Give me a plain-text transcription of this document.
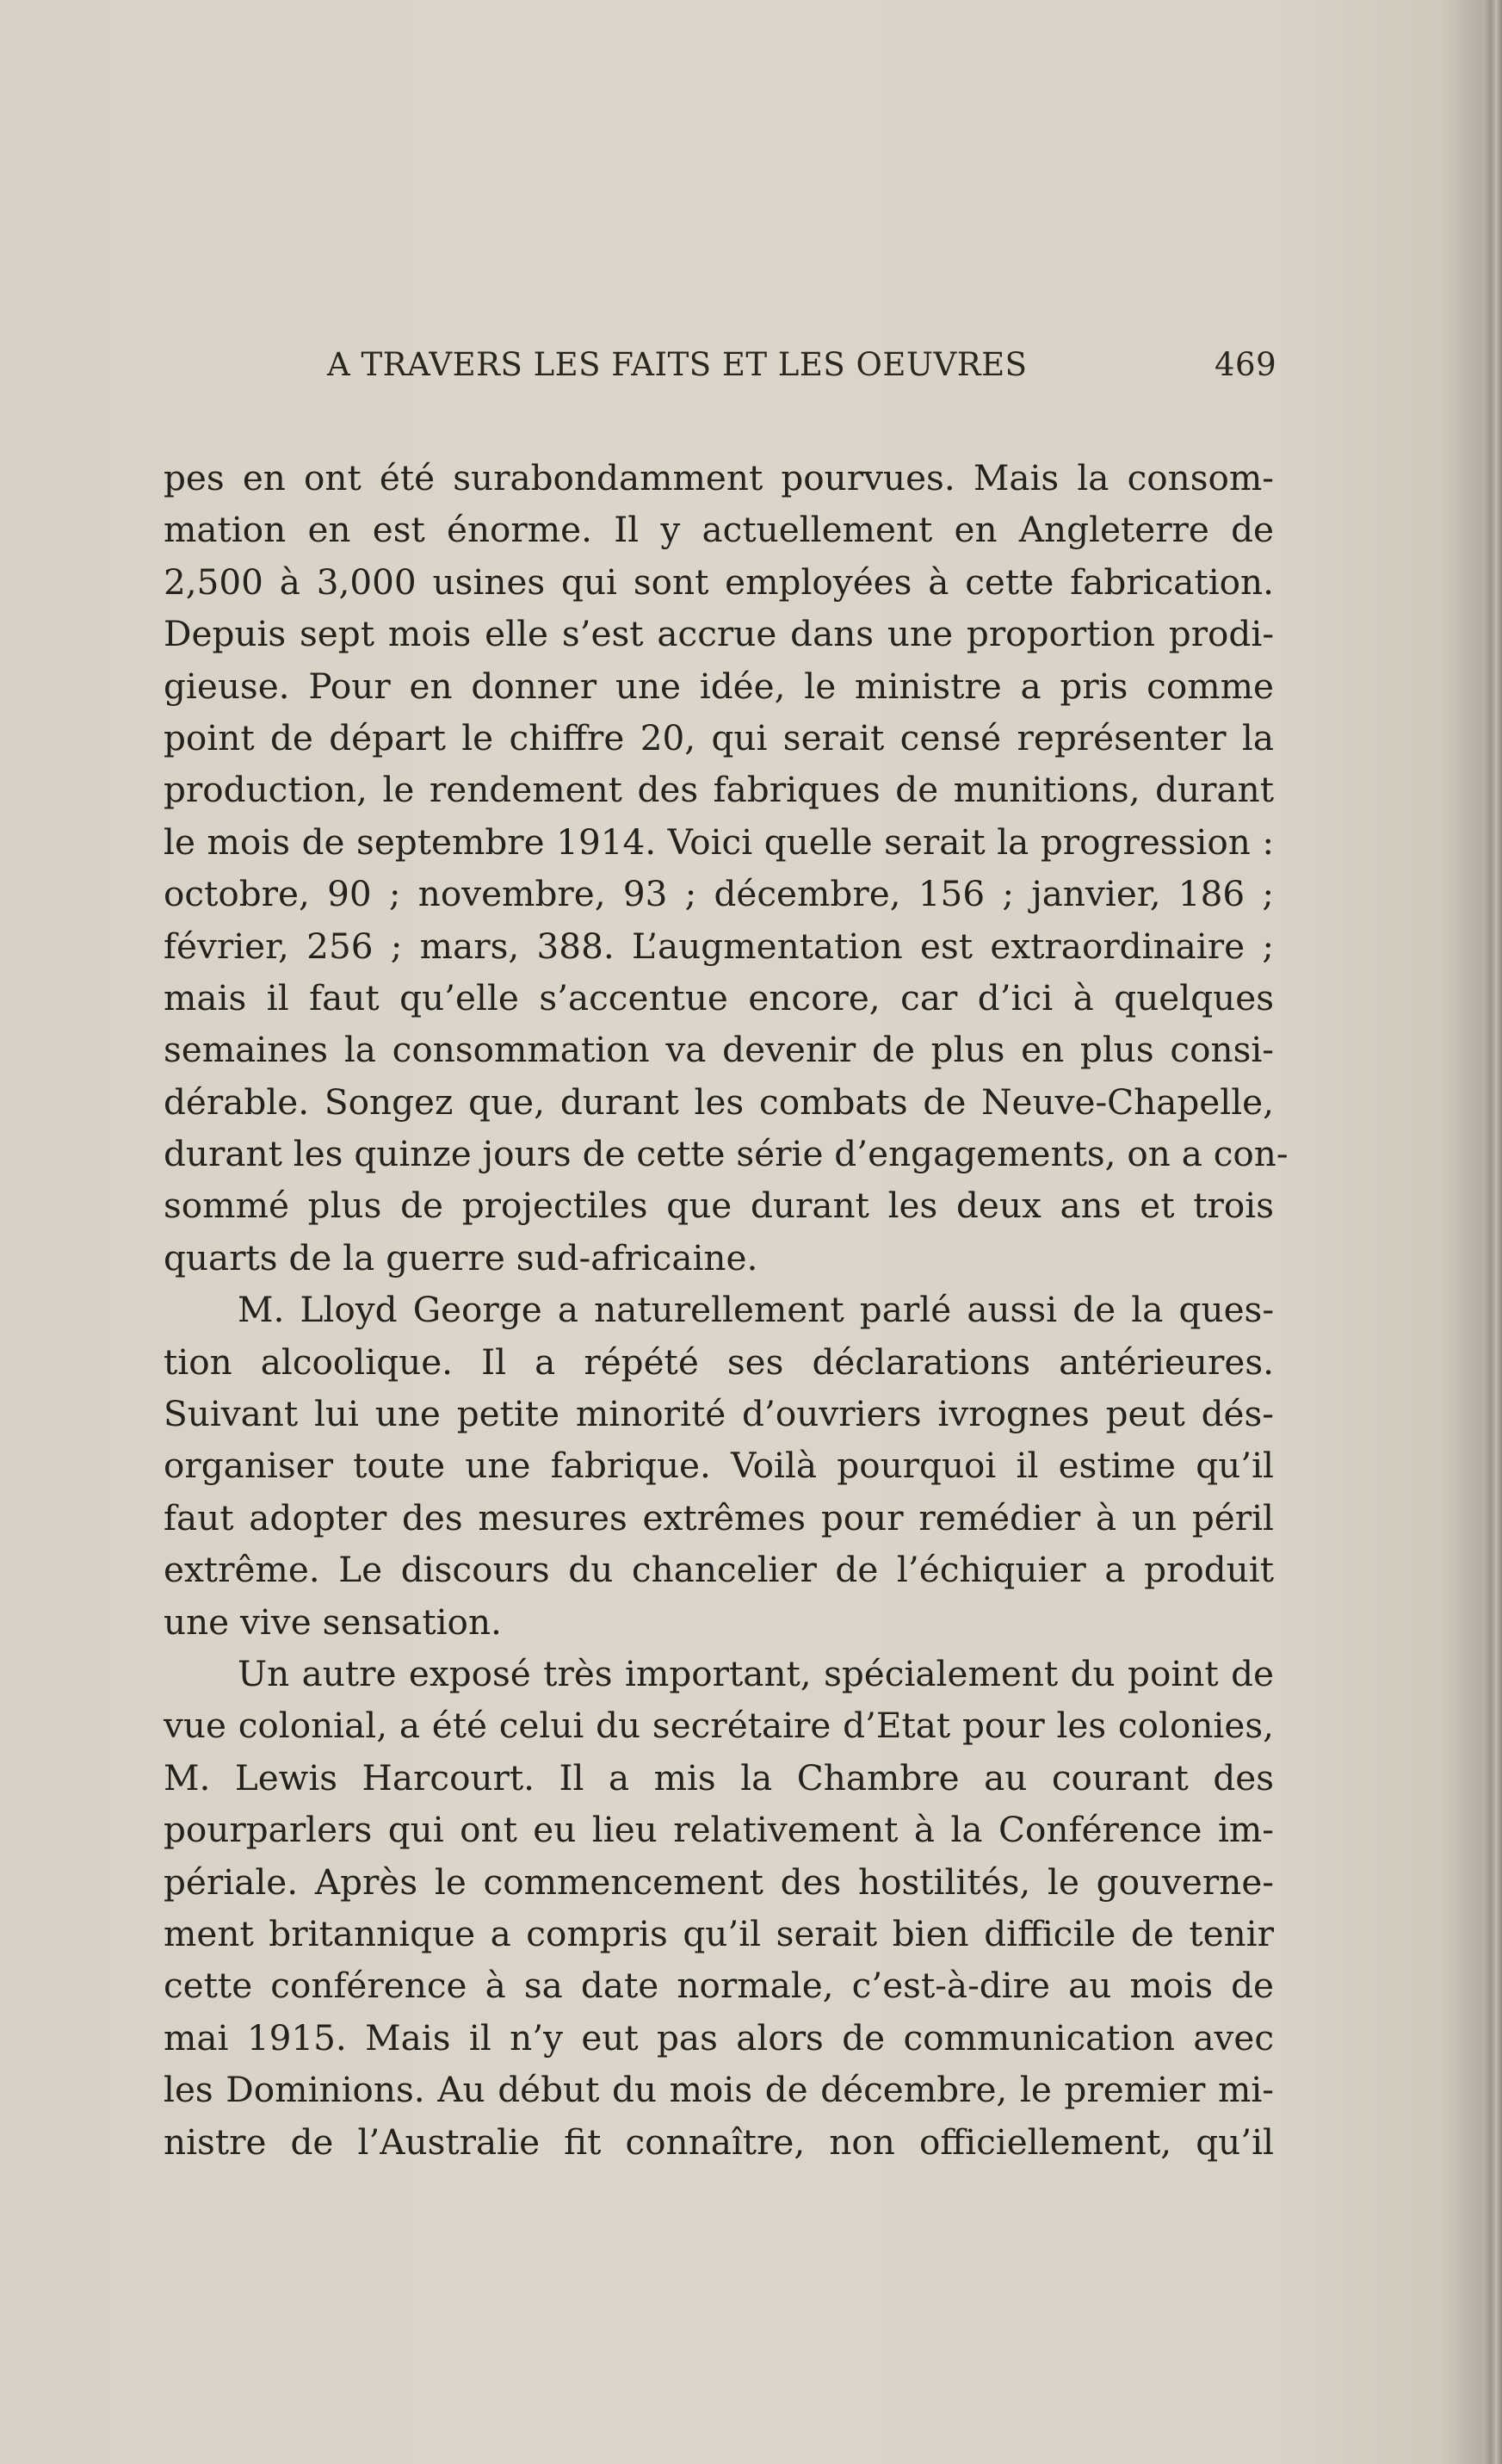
A TRAVERS LES FAITS ET LES OEUVRES	469
pes en ont été surabondamment pourvues. Mais la consom-
mation en est énorme. Il y actuellement en Angleterre de
2,500 à 3,000 usines qui sont employées à cette fabrication.
Depuis sept mois elle s’est accrue dans une proportion prodi-
gieuse. Pour en donner une idée, le ministre a pris comme
point de départ le chiffre 20, qui serait censé représenter la
production, le rendement des fabriques de munitions, durant
le mois de septembre 1914. Voici quelle serait la progression :
octobre, 90 ; novembre, 93 ; décembre, 156 ; janvier, 186 ;
février, 256 ; mars, 388. L’augmentation est extraordinaire ;
mais il faut qu’elle s’accentue encore, car d’ici à quelques
semaines la consommation va devenir de plus en plus consi-
dérable. Songez que, durant les combats de Neuve-Chapelle,
durant les quinze jours de cette série d’engagements, on a con-
sommé plus de projectiles que durant les deux ans et trois
quarts de la guerre sud-africaine.
M. Lloyd George a naturellement parlé aussi de la ques-
tion alcoolique. Il a répété ses déclarations antérieures.
Suivant lui une petite minorité d’ouvriers ivrognes peut dés-
organiser toute une fabrique. Voilà pourquoi il estime qu’il
faut adopter des mesures extrêmes pour remédier à un péril
extrême. Le discours du chancelier de l’échiquier a produit
une vive sensation.
Un autre exposé très important, spécialement du point de
vue colonial, a été celui du secrétaire d’Etat pour les colonies,
M. Lewis Harcourt. Il a mis la Chambre au courant des
pourparlers qui ont eu lieu relativement à la Conférence im-
périale. Après le commencement des hostilités, le gouverne-
ment britannique a compris qu’il serait bien difficile de tenir
cette conférence à sa date normale, c’est-à-dire au mois de
mai 1915. Mais il n’y eut pas alors de communication avec
les Dominions. Au début du mois de décembre, le premier mi-
nistre de l’Australie fit connaître, non officiellement, qu’il
